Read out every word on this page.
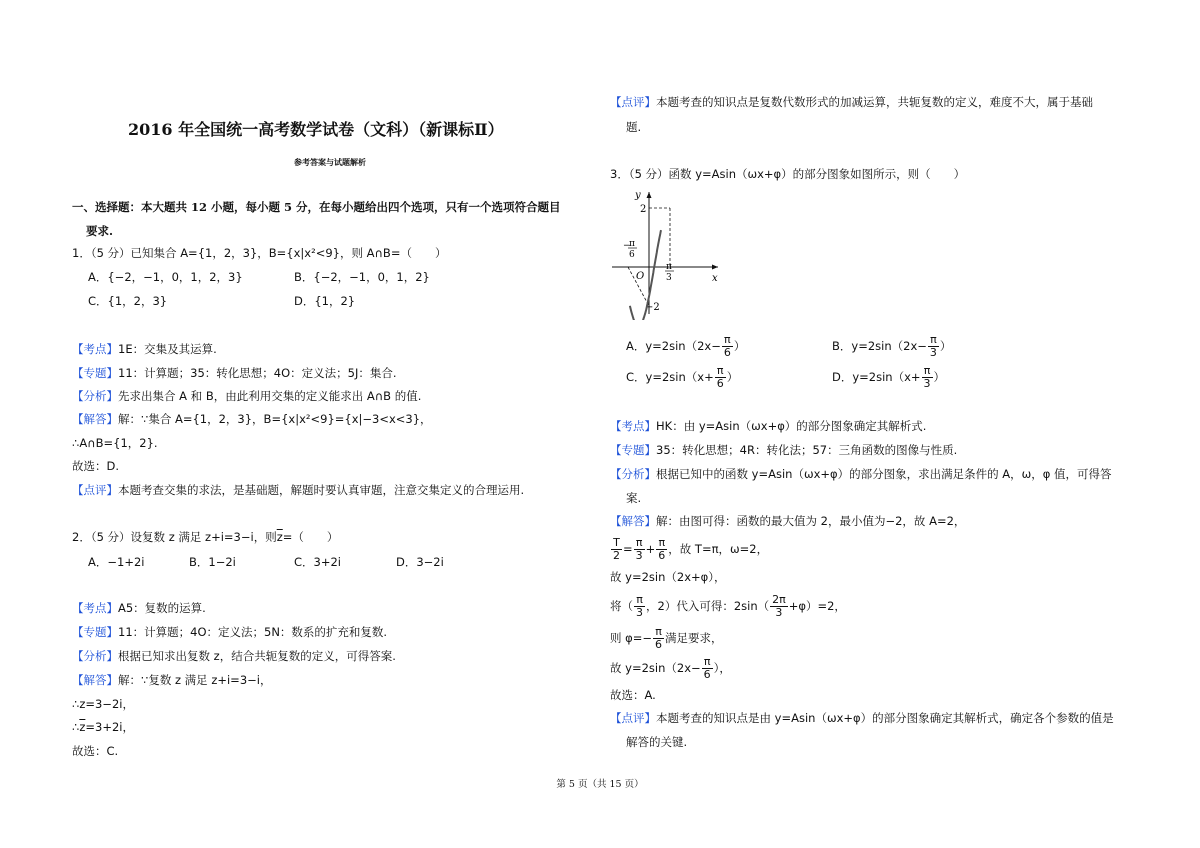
2016 年全国统一高考数学试卷（文科）（新课标Ⅱ）
参考答案与试题解析
一、选择题：本大题共 12 小题，每小题 5 分，在每小题给出四个选项，只有一个选项符合题目
要求.
1．（5 分）已知集合 A={1，2，3}，B={x|x²<9}，则 A∩B=（　　）
A．{−2，−1，0，1，2，3}	B．{−2，−1，0，1，2}
C．{1，2，3}	D．{1，2}
【考点】1E：交集及其运算.
【专题】11：计算题；35：转化思想；4O：定义法；5J：集合.
【分析】先求出集合 A 和 B，由此利用交集的定义能求出 A∩B 的值.
【解答】解：∵集合 A={1，2，3}，B={x|x²<9}={x|−3<x<3}，
∴A∩B={1，2}.
故选：D.
【点评】本题考查交集的求法，是基础题，解题时要认真审题，注意交集定义的合理运用.
2．（5 分）设复数 z 满足 z+i=3−i，则$\overline{z}=$（　　）
A．−1+2i	B．1−2i	C．3+2i	D．3−2i
【考点】A5：复数的运算.
【专题】11：计算题；4O：定义法；5N：数系的扩充和复数.
【分析】根据已知求出复数 z，结合共轭复数的定义，可得答案.
【解答】解：∵复数 z 满足 z+i=3−i，
∴z=3−2i，
$\therefore\overline{z}=3+2i$，
故选：C.
【点评】本题考查的知识点是复数代数形式的加减运算，共轭复数的定义，难度不大，属于基础
题.
3．（5 分）函数 y=Asin（ωx+φ）的部分图象如图所示，则（　　）
y
x
O
2
−2
−
π
6
π
3
A．$y=2\sin(2x- \frac{\pi}{6}$ ）	B．$y=2\sin(2x- \frac{\pi}{3}$ ）
C．$y=2\sin(x+ \frac{\pi}{6}$ ）	D．$y=2\sin(x+ \frac{\pi}{3}$ ）
【考点】HK：由 y=Asin（ωx+φ）的部分图象确定其解析式.
【专题】35：转化思想；4R：转化法；57：三角函数的图像与性质.
【分析】根据已知中的函数 y=Asin（ωx+φ）的部分图象，求出满足条件的 A，ω，φ 值，可得答
案.
【解答】解：由图可得：函数的最大值为 2，最小值为−2，故 A=2，
$\frac{T}{2} = \frac{\pi}{3} + \frac{\pi}{6}$ ，故 T=π，ω=2，
故 y=2sin（2x+φ），
将（ $\frac{\pi}{3}$ ，2）代入可得：$2\sin( \frac{2\pi}{3} +\varphi)=2$，
则 $\varphi=- \frac{\pi}{6}$ 满足要求，
故 $y=2\sin(2x- \frac{\pi}{6}$ ），
故选：A.
【点评】本题考查的知识点是由 y=Asin（ωx+φ）的部分图象确定其解析式，确定各个参数的值是
解答的关键.
第 5 页（共 15 页）
